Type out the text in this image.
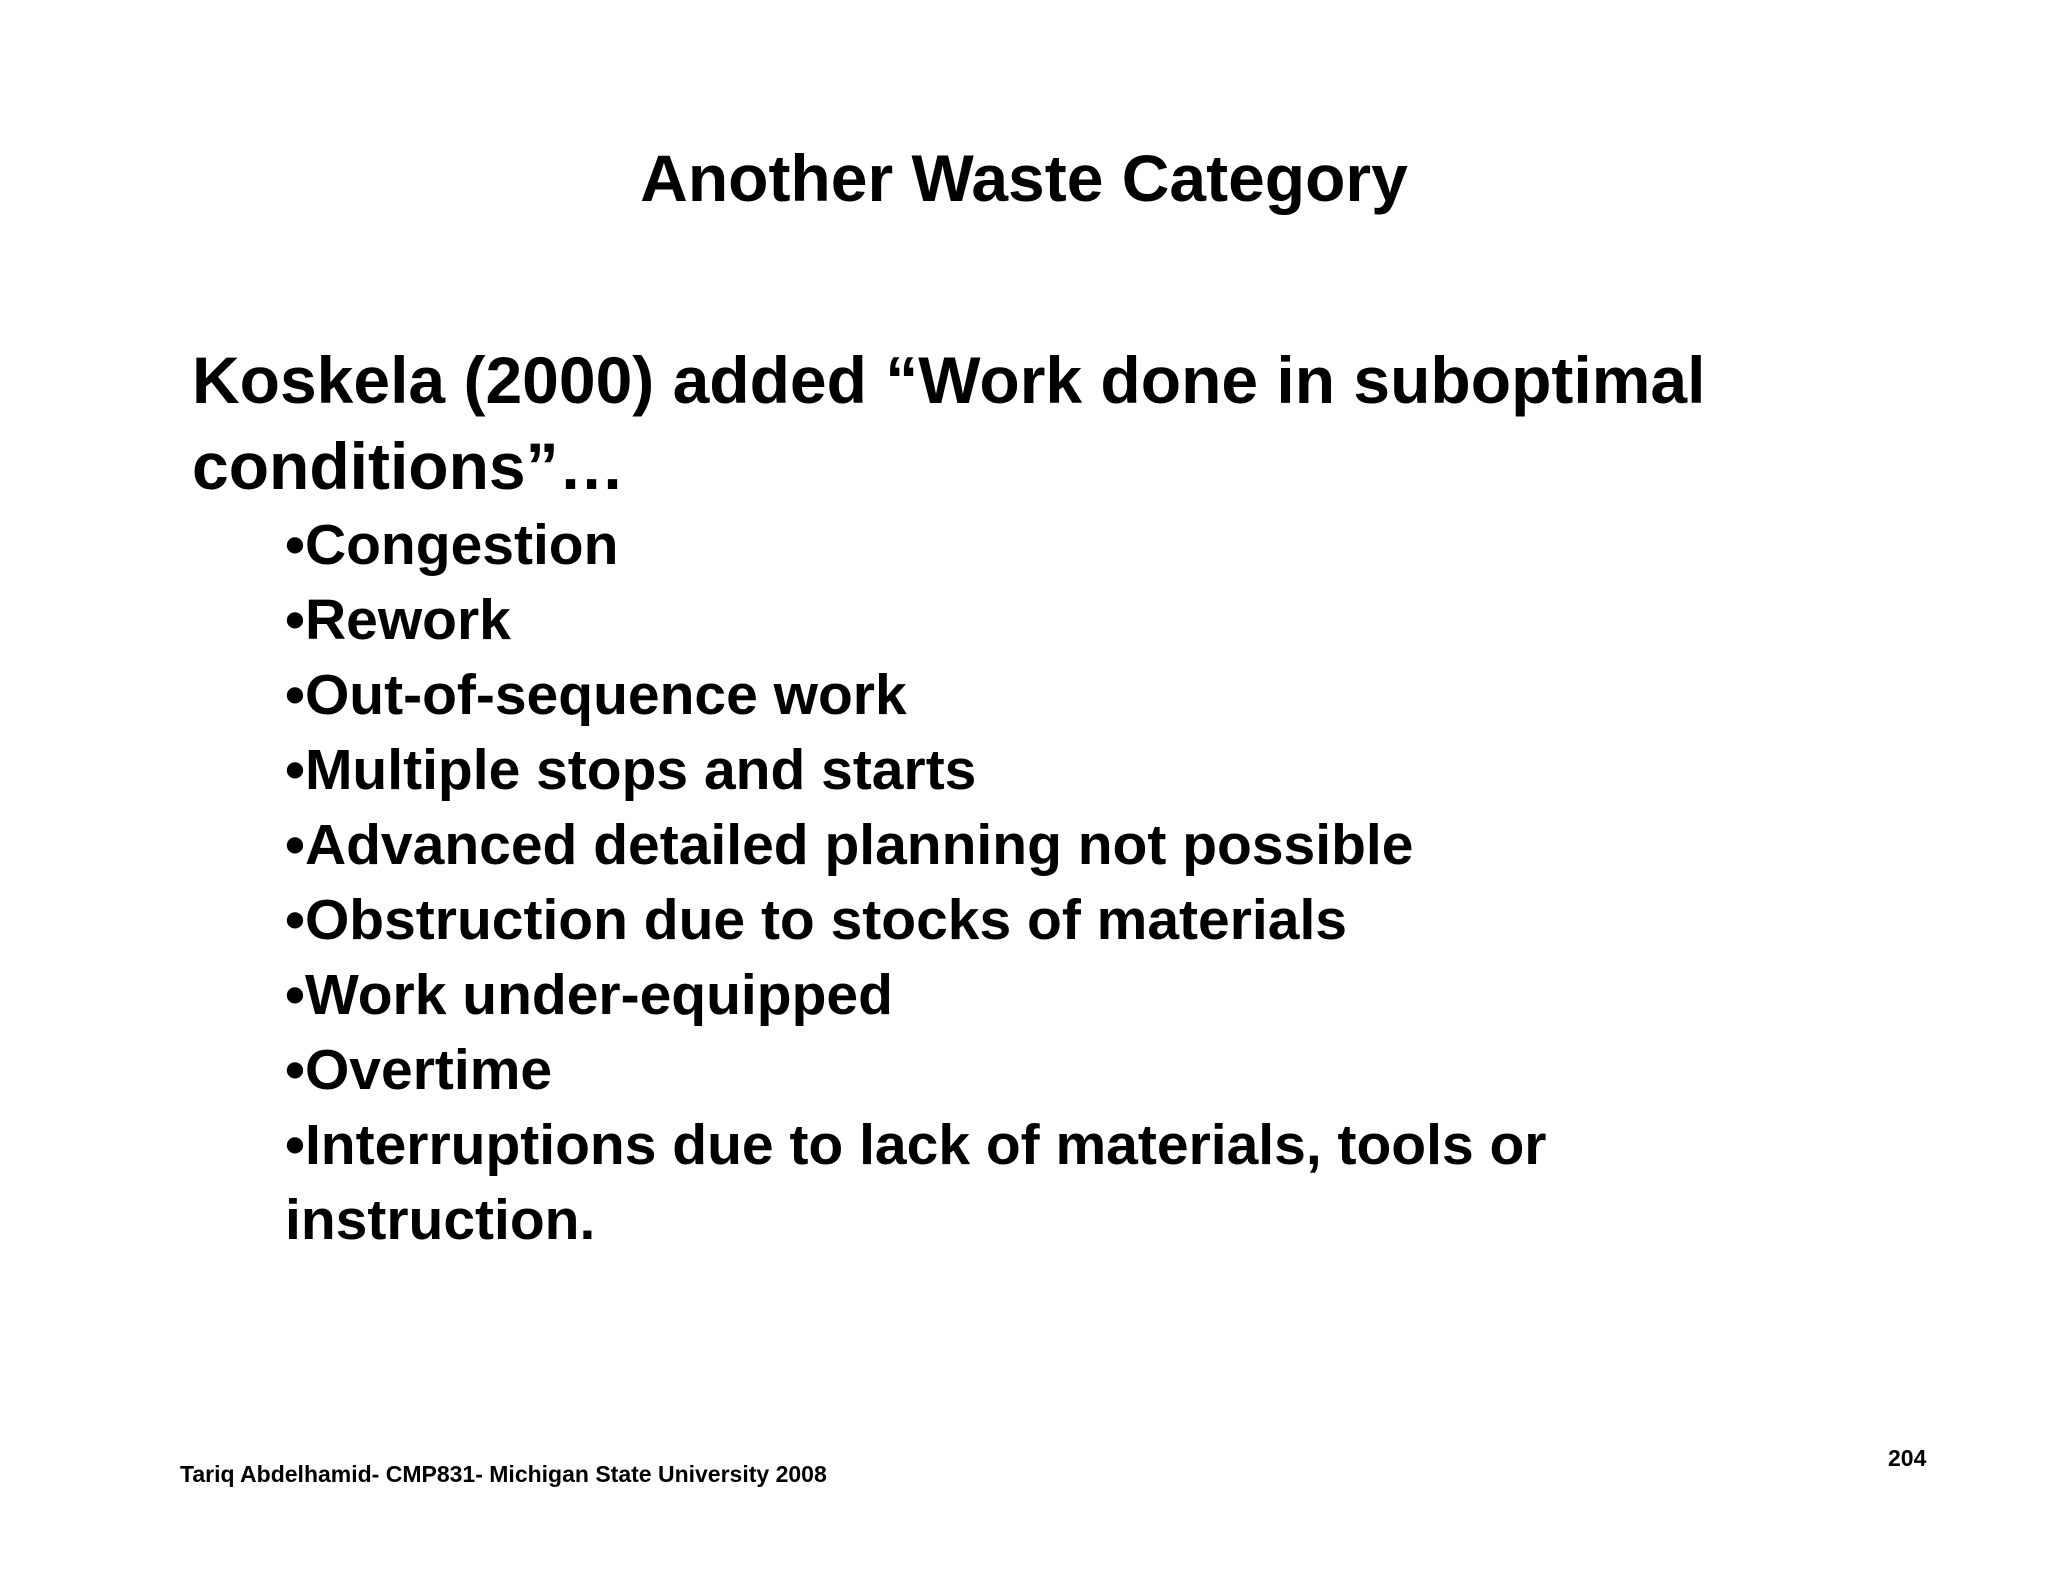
Another Waste Category
Koskela (2000) added “Work done in suboptimal
conditions”…
•Congestion
•Rework
•Out-of-sequence work
•Multiple stops and starts
•Advanced detailed planning not possible
•Obstruction due to stocks of materials
•Work under-equipped
•Overtime
•Interruptions due to lack of materials, tools or
instruction.
Tariq Abdelhamid- CMP831- Michigan State University 2008
204
